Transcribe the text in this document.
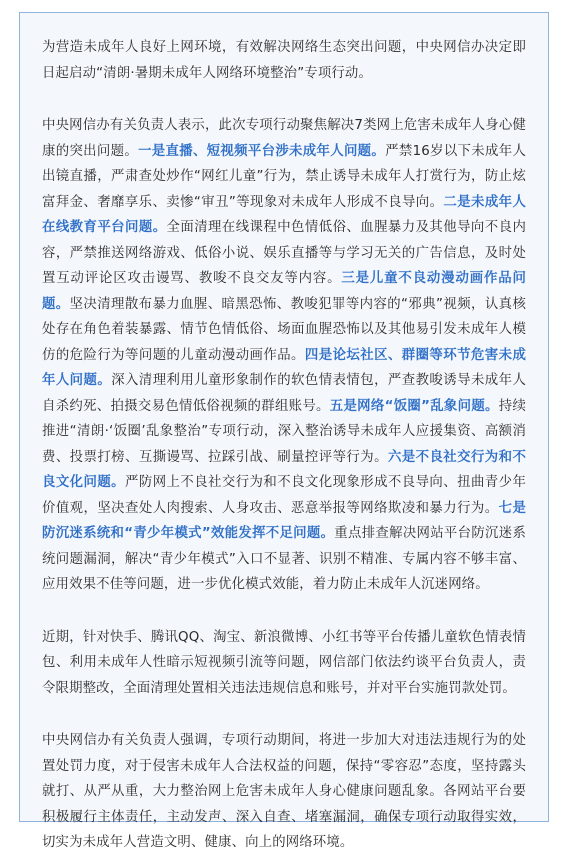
为营造未成年人良好上网环境，有效解决网络生态突出问题，中央网信办决定即日起启动“清朗·暑期未成年人网络环境整治”专项行动。

中央网信办有关负责人表示，此次专项行动聚焦解决7类网上危害未成年人身心健康的突出问题。一是直播、短视频平台涉未成年人问题。严禁16岁以下未成年人出镜直播，严肃查处炒作“网红儿童”行为，禁止诱导未成年人打赏行为，防止炫富拜金、奢靡享乐、卖惨“审丑”等现象对未成年人形成不良导向。二是未成年人在线教育平台问题。全面清理在线课程中色情低俗、血腥暴力及其他导向不良内容，严禁推送网络游戏、低俗小说、娱乐直播等与学习无关的广告信息，及时处置互动评论区攻击谩骂、教唆不良交友等内容。三是儿童不良动漫动画作品问题。坚决清理散布暴力血腥、暗黑恐怖、教唆犯罪等内容的“邪典”视频，认真核处存在角色着装暴露、情节色情低俗、场面血腥恐怖以及其他易引发未成年人模仿的危险行为等问题的儿童动漫动画作品。四是论坛社区、群圈等环节危害未成年人问题。深入清理利用儿童形象制作的软色情表情包，严查教唆诱导未成年人自杀约死、拍摄交易色情低俗视频的群组账号。五是网络“饭圈”乱象问题。持续推进“清朗·‘饭圈’乱象整治”专项行动，深入整治诱导未成年人应援集资、高额消费、投票打榜、互撕谩骂、拉踩引战、刷量控评等行为。六是不良社交行为和不良文化问题。严防网上不良社交行为和不良文化现象形成不良导向、扭曲青少年价值观，坚决查处人肉搜索、人身攻击、恶意举报等网络欺凌和暴力行为。七是防沉迷系统和“青少年模式”效能发挥不足问题。重点排查解决网站平台防沉迷系统问题漏洞，解决“青少年模式”入口不显著、识别不精准、专属内容不够丰富、应用效果不佳等问题，进一步优化模式效能，着力防止未成年人沉迷网络。

近期，针对快手、腾讯QQ、淘宝、新浪微博、小红书等平台传播儿童软色情表情包、利用未成年人性暗示短视频引流等问题，网信部门依法约谈平台负责人，责令限期整改，全面清理处置相关违法违规信息和账号，并对平台实施罚款处罚。

中央网信办有关负责人强调，专项行动期间，将进一步加大对违法违规行为的处置处罚力度，对于侵害未成年人合法权益的问题，保持“零容忍”态度，坚持露头就打、从严从重，大力整治网上危害未成年人身心健康问题乱象。各网站平台要积极履行主体责任，主动发声、深入自查、堵塞漏洞，确保专项行动取得实效，切实为未成年人营造文明、健康、向上的网络环境。
